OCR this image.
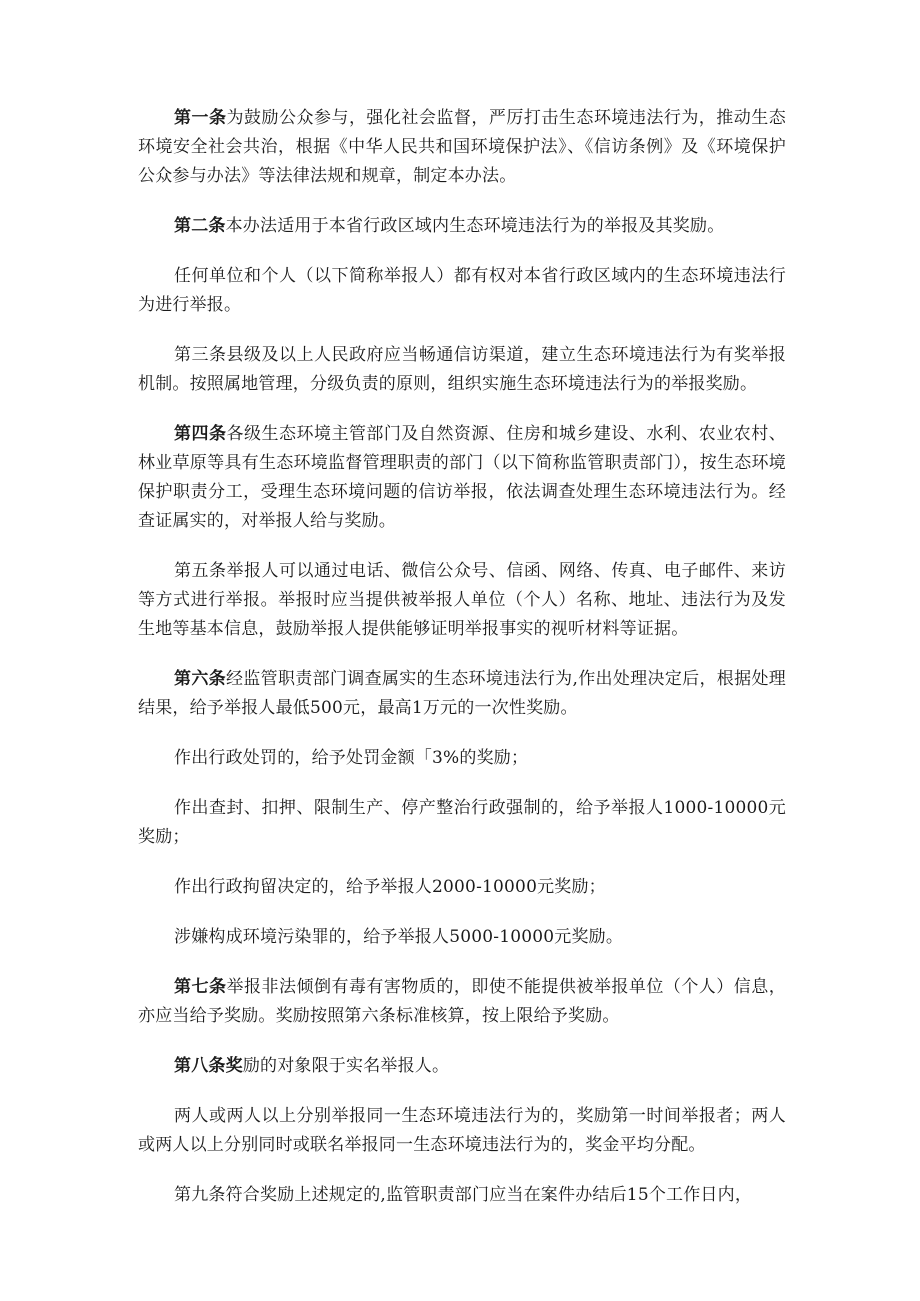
第一条为鼓励公众参与，强化社会监督，严厉打击生态环境违法行为，推动生态环境安全社会共治，根据《中华人民共和国环境保护法》、《信访条例》及《环境保护公众参与办法》等法律法规和规章，制定本办法。

第二条本办法适用于本省行政区域内生态环境违法行为的举报及其奖励。

任何单位和个人（以下简称举报人）都有权对本省行政区域内的生态环境违法行为进行举报。

第三条县级及以上人民政府应当畅通信访渠道，建立生态环境违法行为有奖举报机制。按照属地管理，分级负责的原则，组织实施生态环境违法行为的举报奖励。

第四条各级生态环境主管部门及自然资源、住房和城乡建设、水利、农业农村、林业草原等具有生态环境监督管理职责的部门（以下简称监管职责部门），按生态环境保护职责分工，受理生态环境问题的信访举报，依法调查处理生态环境违法行为。经查证属实的，对举报人给与奖励。

第五条举报人可以通过电话、微信公众号、信函、网络、传真、电子邮件、来访等方式进行举报。举报时应当提供被举报人单位（个人）名称、地址、违法行为及发生地等基本信息，鼓励举报人提供能够证明举报事实的视听材料等证据。

第六条经监管职责部门调查属实的生态环境违法行为,作出处理决定后，根据处理结果，给予举报人最低500元，最高1万元的一次性奖励。

作出行政处罚的，给予处罚金额「3%的奖励；

作出查封、扣押、限制生产、停产整治行政强制的，给予举报人1000-10000元奖励；

作出行政拘留决定的，给予举报人2000-10000元奖励；

涉嫌构成环境污染罪的，给予举报人5000-10000元奖励。

第七条举报非法倾倒有毒有害物质的，即使不能提供被举报单位（个人）信息，亦应当给予奖励。奖励按照第六条标准核算，按上限给予奖励。

第八条奖励的对象限于实名举报人。

两人或两人以上分别举报同一生态环境违法行为的，奖励第一时间举报者；两人或两人以上分别同时或联名举报同一生态环境违法行为的，奖金平均分配。

第九条符合奖励上述规定的,监管职责部门应当在案件办结后15个工作日内，
